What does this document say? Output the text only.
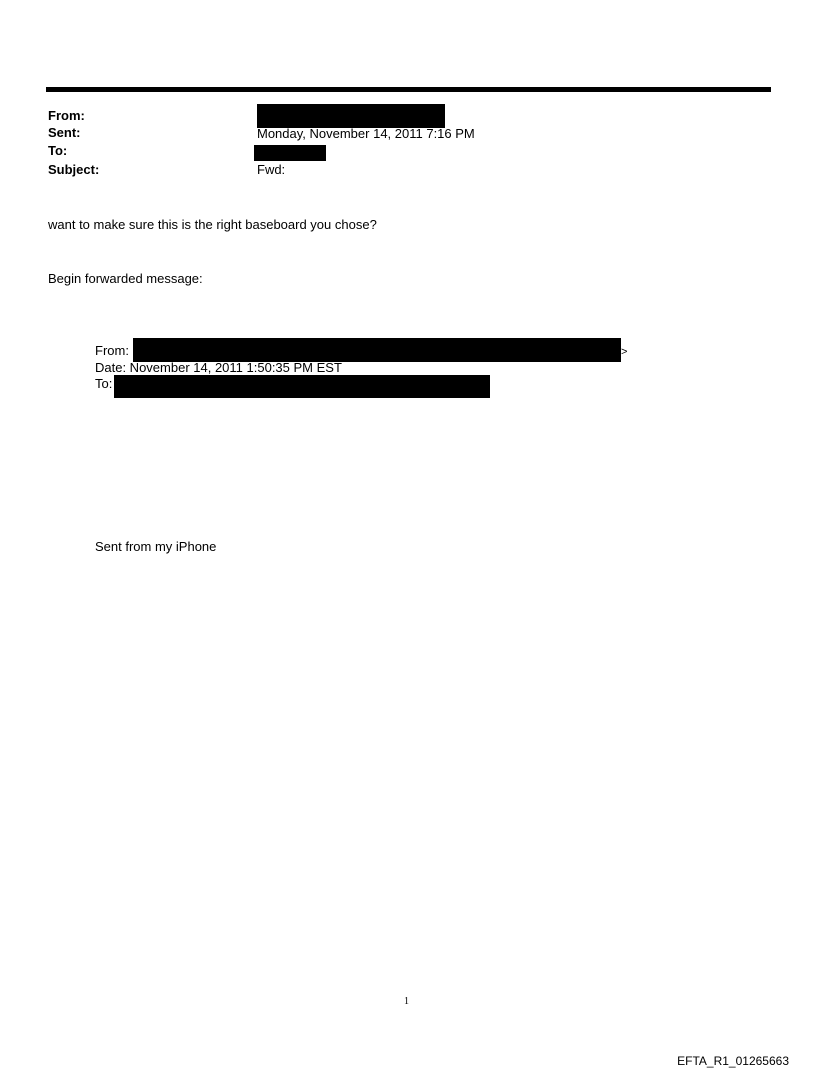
From:
Sent:	Monday, November 14, 2011 7:16 PM
To:
Subject:	Fwd:
want to make sure this is the right baseboard you chose?
Begin forwarded message:
From:	>
Date: November 14, 2011 1:50:35 PM EST
To:
Sent from my iPhone
1
EFTA_R1_01265663
